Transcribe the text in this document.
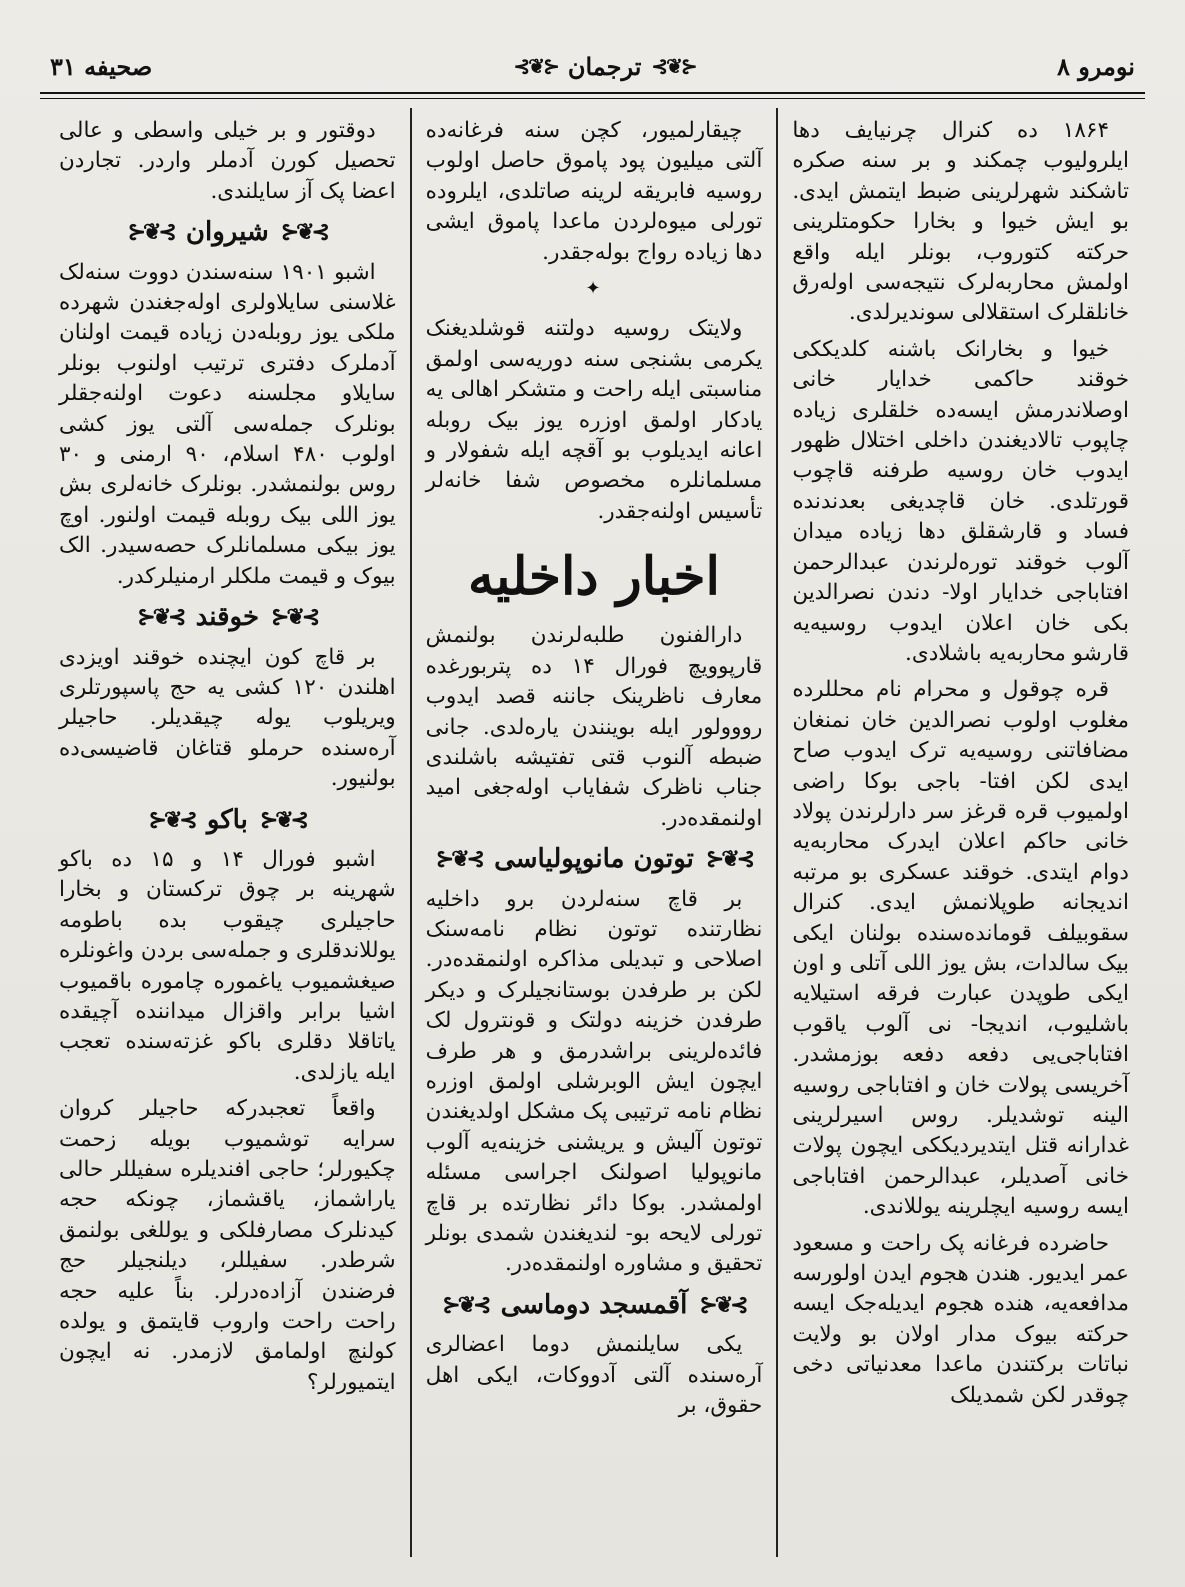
صحیفه ۳۱	⊰❦⊱ ترجمان ⊰❦⊱	نومرو ۸

۱۸۶۴ ده کنرال چرنیایف دها ایلرولیوب چمکند و بر سنه صکره تاشکند شهرلرینی ضبط ایتمش ایدی. بو ایش خیوا و بخارا حکومتلرینی حرکته کتوروب، بونلر ایله واقع اولمش محاربه‌لرک نتیجه‌سی اوله‌رق خانلقلرک استقلالی سوندیرلدی.

خیوا و بخارانک باشنه کلدیککی خوقند حاکمی خدایار خانی اوصلاندرمش ایسه‌ده خلقلری زیاده چاپوب تالادیغندن داخلی اختلال ظهور ایدوب خان روسیه طرفنه قاچوب قورتلدی. خان قاچدیغی بعدندنده فساد و قارشقلق دها زیاده میدان آلوب خوقند توره‌لرندن عبدالرحمن افتاباجی خدایار اولا- دندن نصرالدین بکی خان اعلان ایدوب روسیه‌یه قارشو محاربه‌یه باشلادی.

قره چوقول و محرام نام محللرده مغلوب اولوب نصرالدین خان نمنغان مضافاتنی روسیه‌یه ترک ایدوب صاح ایدی لکن افتا- باجی بوکا راضی اولمیوب قره قرغز سر دارلرندن پولاد خانی حاکم اعلان ایدرک محاربه‌یه دوام ایتدی. خوقند عسکری بو مرتبه اندیجانه طوپلانمش ایدی. کنرال سقوبیلف قوماندەسنده بولنان ایکی بیک سالدات، بش یوز اللی آتلی و اون ایکی طوپدن عبارت فرقه استیلایه باشلیوب، اندیجا- نی آلوب یاقوب افتاباجی‌یی دفعه دفعه بوزمشدر. آخریسی پولات خان و افتاباجی روسیه الینه توشدیلر. روس اسیرلرینی غدارانه قتل ایتدیردیککی ایچون پولات خانی آصدیلر، عبدالرحمن افتاباجی ایسه روسیه ایچلرینه یوللاندی.

حاضرده فرغانه پک راحت و مسعود عمر ایدیور. هندن هجوم ایدن اولورسه مدافعه‌یه، هنده هجوم ایدیله‌جک ایسه حرکته بیوک مدار اولان بو ولایت نباتات برکتندن ماعدا معدنیاتی دخی چوقدر لکن شمدیلک

چیقارلمیور، کچن سنه فرغانه‌ده آلتی میلیون پود پاموق حاصل اولوب روسیه فابریقه لرینه صاتلدی، ایلروده تورلی میوه‌لردن ماعدا پاموق ایشی دها زیاده رواج بوله‌جقدر.

✦

ولایتک روسیه دولتنه قوشلدیغنک یکرمی بشنجی سنه دوریه‌سی اولمق مناسبتی ایله راحت و متشکر اهالی یه یادکار اولمق اوزره یوز بیک روبله اعانه ایدیلوب بو آقچه ایله شفولار و مسلمانلره مخصوص شفا خانه‌لر تأسیس اولنه‌جقدر.

اخبار داخلیه

دارالفنون طلبه‌لرندن بولنمش قارپوویچ فورال ۱۴ ده پتربورغده معارف ناظرینک جاننه قصد ایدوب رووولور ایله بوینندن یاره‌لدی. جانی ضبطه آلنوب قتی تفتیشه باشلندی جناب ناظرک شفایاب اوله‌جغی امید اولنمقده‌در.

⊱❦⊰
توتون مانوپولیاسی
⊱❦⊰

بر قاچ سنه‌لردن برو داخلیه نظارتنده توتون نظام نامه‌سنک اصلاحی و تبدیلی مذاکره اولنمقده‌در. لکن بر طرفدن بوستانجیلرک و دیکر طرفدن خزینه دولتک و قونترول لک فائده‌لرینی براشدرمق و هر طرف ایچون ایش الوبرشلی اولمق اوزره نظام نامه ترتیبی پک مشکل اولدیغندن توتون آلیش و یریشنی خزینه‌یه آلوب مانوپولیا اصولنک اجراسی مسئله اولمشدر. بوکا دائر نظارتده بر قاچ تورلی لایحه بو- لندیغندن شمدی بونلر تحقیق و مشاوره اولنمقده‌در.

⊱❦⊰
آقمسجد دوماسی
⊱❦⊰

یکی سایلنمش دوما اعضالری آره‌سنده آلتی آدووکات، ایکی اهل حقوق، بر

دوقتور و بر خیلی واسطی و عالی تحصیل کورن آدملر واردر. تجاردن اعضا پک آز سایلندی.

⊱❦⊰
شیروان
⊱❦⊰

اشبو ۱۹۰۱ سنه‌سندن دووت سنه‌لک غلاسنی سایلاولری اوله‌جغندن شهرده ملکی یوز روبله‌دن زیاده قیمت اولنان آدملرک دفتری ترتیب اولنوب بونلر سایلاو مجلسنه دعوت اولنه‌جقلر بونلرک جمله‌سی آلتی یوز کشی اولوب ۴۸۰ اسلام، ۹۰ ارمنی و ۳۰ روس بولنمشدر. بونلرک خانه‌لری بش یوز اللی بیک روبله قیمت اولنور. اوچ یوز بیکی مسلمانلرک حصه‌سیدر. الک بیوک و قیمت ملکلر ارمنیلرکدر.

⊱❦⊰
خوقند
⊱❦⊰

بر قاچ کون ایچنده خوقند اویزدی اهلندن ۱۲۰ کشی یه حج پاسپورتلری ویریلوب یوله چیقدیلر. حاجیلر آره‌سنده حرملو قتاغان قاضیسی‌ده بولنیور.

⊱❦⊰
باکو
⊱❦⊰

اشبو فورال ۱۴ و ۱۵ ده باکو شهرینه بر چوق ترکستان و بخارا حاجیلری چیقوب بده باطومه یوللاندقلری و جمله‌سی بردن واغونلره صیغشمیوب یاغموره چاموره باقمیوب اشیا برابر واقزال میداننده آچیقده یاتاقلا دقلری باکو غزته‌سنده تعجب ایله یازلدی.

واقعاً تعجبدرکه حاجیلر کروان سرایه توشمیوب بویله زحمت چکیورلر؛ حاجی افندیلره سفیللر حالی یاراشماز، یاقشماز، چونکه حجه کیدنلرک مصارفلکی و یوللغی بولنمق شرطدر. سفیللر، دیلنجیلر حج فرضندن آزاده‌درلر. بناً علیه حجه راحت راحت واروب قایتمق و یولده کولنچ اولمامق لازمدر. نه ایچون ایتمیورلر؟
